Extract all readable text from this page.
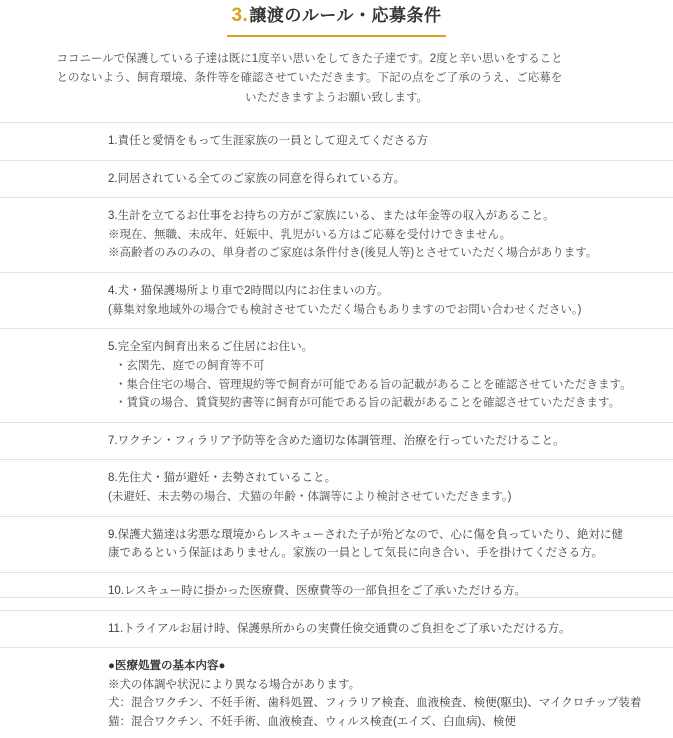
3.譲渡のルール・応募条件

ココニールで保護している子達は既に1度辛い思いをしてきた子達です。2度と辛い思いをすること

とのないよう、飼育環境、条件等を確認させていただきます。下記の点をご了承のうえ、ご応募を

いただきますようお願い致します。

1.責任と愛情をもって生涯家族の一員として迎えてくださる方
2.同居されている全てのご家族の同意を得られている方。
3.生計を立てるお仕事をお持ちの方がご家族にいる、または年金等の収入があること。
※現在、無職、未成年、妊娠中、乳児がいる方はご応募を受付けできません。
※高齢者のみのみの、単身者のご家庭は条件付き(後見人等)とさせていただく場合があります。
4.犬・猫保護場所より車で2時間以内にお住まいの方。
(募集対象地域外の場合でも検討させていただく場合もありますのでお問い合わせください。)
5.完全室内飼育出来るご住居にお住い。
・玄関先、庭での飼育等不可
・集合住宅の場合、管理規約等で飼育が可能である旨の記載があることを確認させていただきます。
・賃貸の場合、賃貸契約書等に飼育が可能である旨の記載があることを確認させていただきます。
7.ワクチン・フィラリア予防等を含めた適切な体調管理、治療を行っていただけること。
8.先住犬・猫が避妊・去勢されていること。
(未避妊、未去勢の場合、犬猫の年齢・体調等により検討させていただきます。)
9.保護犬猫達は劣悪な環境からレスキューされた子が殆どなので、心に傷を負っていたり、絶対に健
康であるという保証はありません。家族の一員として気長に向き合い、手を掛けてくださる方。
10.レスキュー時に掛かった医療費、医療費等の一部負担をご了承いただける方。
11.トライアルお届け時、保護県所からの実費任倹交通費のご負担をご了承いただける方。
●医療処置の基本内容●
※犬の体調や状況により異なる場合があります。
犬：混合ワクチン、不妊手術、歯科処置、フィラリア検査、血液検査、検便(駆虫)、マイクロチップ装着
猫：混合ワクチン、不妊手術、血液検査、ウィルス検査(エイズ、白血病)、検便
